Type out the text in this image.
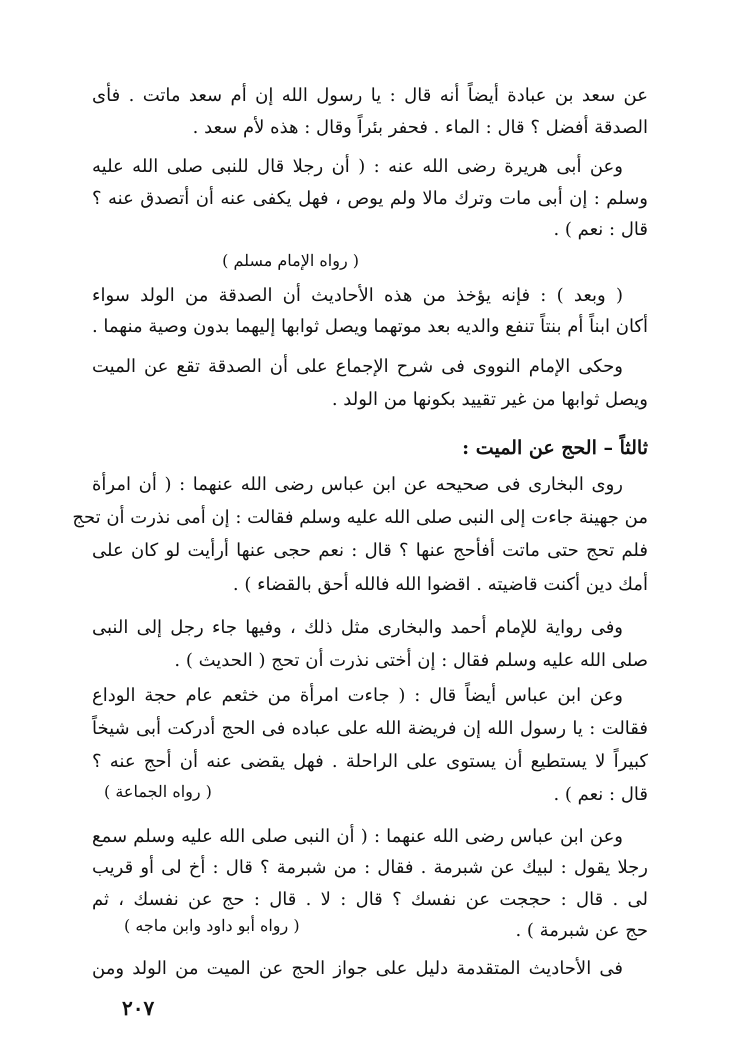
عن سعد بن عبادة أيضاً أنه قال : يا رسول الله إن أم سعد ماتت . فأى
الصدقة أفضل ؟ قال : الماء . فحفر بئراً وقال : هذه لأم سعد .
وعن أبى هريرة رضى الله عنه : ( أن رجلا قال للنبى صلى الله عليه
وسلم : إن أبى مات وترك مالا ولم يوص ، فهل يكفى عنه أن أتصدق عنه ؟
قال : نعم ) .
( رواه الإمام مسلم )
( وبعد ) : فإنه يؤخذ من هذه الأحاديث أن الصدقة من الولد سواء
أكان ابناً أم بنتاً تنفع والديه بعد موتهما ويصل ثوابها إليهما بدون وصية منهما .
وحكى الإمام النووى فى شرح الإجماع على أن الصدقة تقع عن الميت
ويصل ثوابها من غير تقييد بكونها من الولد .
ثالثاً – الحج عن الميت :
روى البخارى فى صحيحه عن ابن عباس رضى الله عنهما : ( أن امرأة
من جهينة جاءت إلى النبى صلى الله عليه وسلم فقالت : إن أمى نذرت أن تحج
فلم تحج حتى ماتت أفأحج عنها ؟ قال : نعم حجى عنها أرأيت لو كان على
أمك دين أكنت قاضيته . اقضوا الله فالله أحق بالقضاء ) .
وفى رواية للإمام أحمد والبخارى مثل ذلك ، وفيها جاء رجل إلى النبى
صلى الله عليه وسلم فقال : إن أختى نذرت أن تحج ( الحديث ) .
وعن ابن عباس أيضاً قال : ( جاءت امرأة من خثعم عام حجة الوداع
فقالت : يا رسول الله إن فريضة الله على عباده فى الحج أدركت أبى شيخاً
كبيراً لا يستطيع أن يستوى على الراحلة . فهل يقضى عنه أن أحج عنه ؟
قال : نعم ) .
( رواه الجماعة )
وعن ابن عباس رضى الله عنهما : ( أن النبى صلى الله عليه وسلم سمع
رجلا يقول : لبيك عن شبرمة . فقال : من شبرمة ؟ قال : أخ لى أو قريب
لى . قال : حججت عن نفسك ؟ قال : لا . قال : حج عن نفسك ، ثم
حج عن شبرمة ) .
( رواه أبو داود وابن ماجه )
فى الأحاديث المتقدمة دليل على جواز الحج عن الميت من الولد ومن
٢٠٧
